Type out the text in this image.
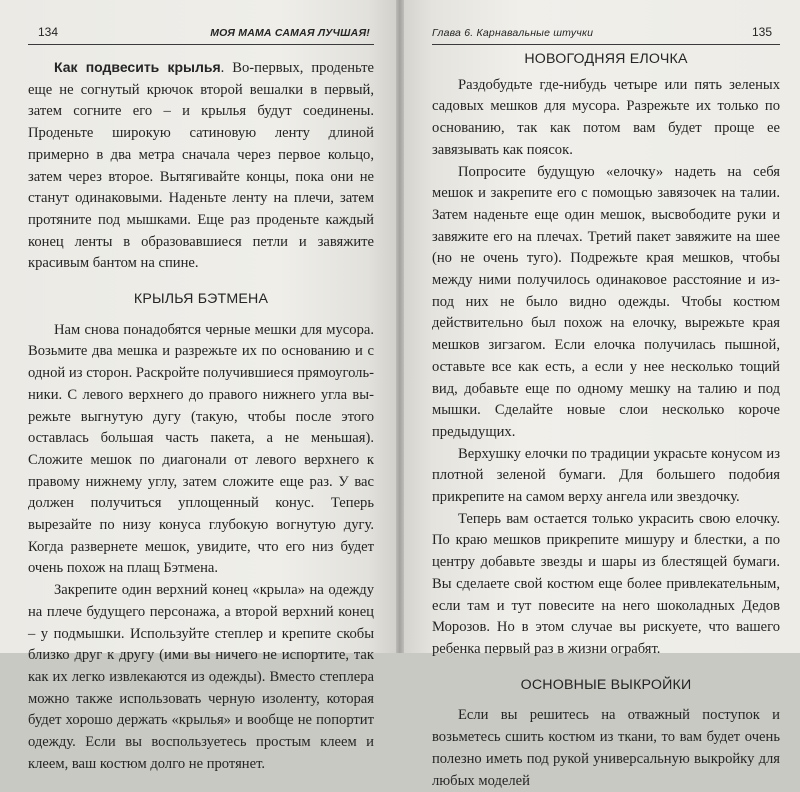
134	МОЯ МАМА САМАЯ ЛУЧШАЯ!

Как подвесить крылья. Во-первых, проденьте еще не согнутый крючок второй вешалки в первый, затем согните его – и крылья будут соединены. Проденьте широкую сатиновую ленту длиной примерно в два метра сначала через первое кольцо, затем через второе. Вытягивайте концы, пока они не станут одинаковыми. Наденьте ленту на плечи, затем протяните под мышками. Еще раз проденьте каждый конец ленты в образовавшиеся петли и завяжите красивым бантом на спине.

КРЫЛЬЯ БЭТМЕНА

Нам снова понадобятся черные мешки для мусора. Возьмите два мешка и разрежьте их по основанию и с одной из сторон. Раскройте получившиеся прямоугольники. С левого верхнего до правого нижнего угла вырежьте выгнутую дугу (такую, чтобы после этого оставлась большая часть пакета, а не меньшая). Сложите мешок по диагонали от левого верхнего к правому нижнему углу, затем сложите еще раз. У вас должен получиться уплощенный конус. Теперь вырезайте по низу конуса глубокую вогнутую дугу. Когда развернете мешок, увидите, что его низ будет очень похож на плащ Бэтмена.

Закрепите один верхний конец «крыла» на одежду на плече будущего персонажа, а второй верхний конец – у подмышки. Используйте степлер и крепите скобы близко друг к другу (ими вы ничего не испортите, так как их легко извлекаются из одежды). Вместо степлера можно также использовать черную изоленту, которая будет хорошо держать «крылья» и вообще не попортит одежду. Если вы воспользуетесь простым клеем и клеем, ваш костюм долго не протянет.

Глава 6. Карнавальные штучки	135
НОВОГОДНЯЯ ЕЛОЧКА

Раздобудьте где-нибудь четыре или пять зеленых садовых мешков для мусора. Разрежьте их только по основанию, так как потом вам будет проще ее завязывать как поясок.

Попросите будущую «елочку» надеть на себя мешок и закрепите его с помощью завязочек на талии. Затем наденьте еще один мешок, высвободите руки и завяжите его на плечах. Третий пакет завяжите на шее (но не очень туго). Подрежьте края мешков, чтобы между ними получилось одинаковое расстояние и из-под них не было видно одежды. Чтобы костюм действительно был похож на елочку, вырежьте края мешков зигзагом. Если елочка получилась пышной, оставьте все как есть, а если у нее несколько тощий вид, добавьте еще по одному мешку на талию и под мышки. Сделайте новые слои несколько короче предыдущих.

Верхушку елочки по традиции украсьте конусом из плотной зеленой бумаги. Для большего подобия прикрепите на самом верху ангела или звездочку.

Теперь вам остается только украсить свою елочку. По краю мешков прикрепите мишуру и блестки, а по центру добавьте звезды и шары из блестящей бумаги. Вы сделаете свой костюм еще более привлекательным, если там и тут повесите на него шоколадных Дедов Морозов. Но в этом случае вы рискуете, что вашего ребенка первый раз в жизни ограбят.

ОСНОВНЫЕ ВЫКРОЙКИ

Если вы решитесь на отважный поступок и возьметесь сшить костюм из ткани, то вам будет очень полезно иметь под рукой универсальную выкройку для любых моделей
